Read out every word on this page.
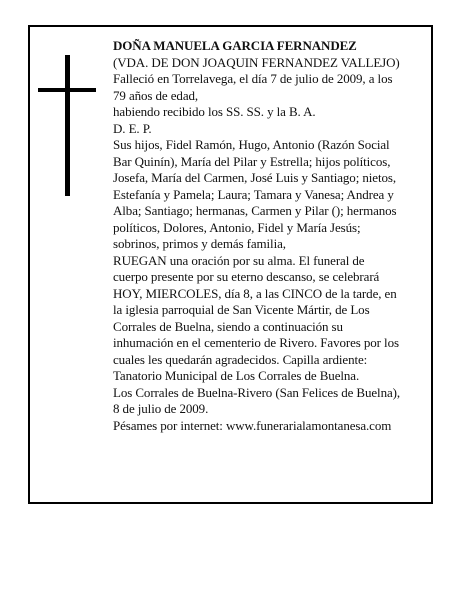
DOÑA MANUELA GARCIA FERNANDEZ
(VDA. DE DON JOAQUIN FERNANDEZ VALLEJO)
Falleció en Torrelavega, el día 7 de julio de 2009, a los
79 años de edad,
habiendo recibido los SS. SS. y la B. A.
D. E. P.
Sus hijos, Fidel Ramón, Hugo, Antonio (Razón Social
Bar Quinín), María del Pilar y Estrella; hijos políticos,
Josefa, María del Carmen, José Luis y Santiago; nietos,
Estefanía y Pamela; Laura; Tamara y Vanesa; Andrea y
Alba; Santiago; hermanas, Carmen y Pilar (); hermanos
políticos, Dolores, Antonio, Fidel y María Jesús;
sobrinos, primos y demás familia,
RUEGAN una oración por su alma. El funeral de
cuerpo presente por su eterno descanso, se celebrará
HOY, MIERCOLES, día 8, a las CINCO de la tarde, en
la iglesia parroquial de San Vicente Mártir, de Los
Corrales de Buelna, siendo a continuación su
inhumación en el cementerio de Rivero. Favores por los
cuales les quedarán agradecidos. Capilla ardiente:
Tanatorio Municipal de Los Corrales de Buelna.
Los Corrales de Buelna-Rivero (San Felices de Buelna),
8 de julio de 2009.
Pésames por internet: www.funerarialamontanesa.com
